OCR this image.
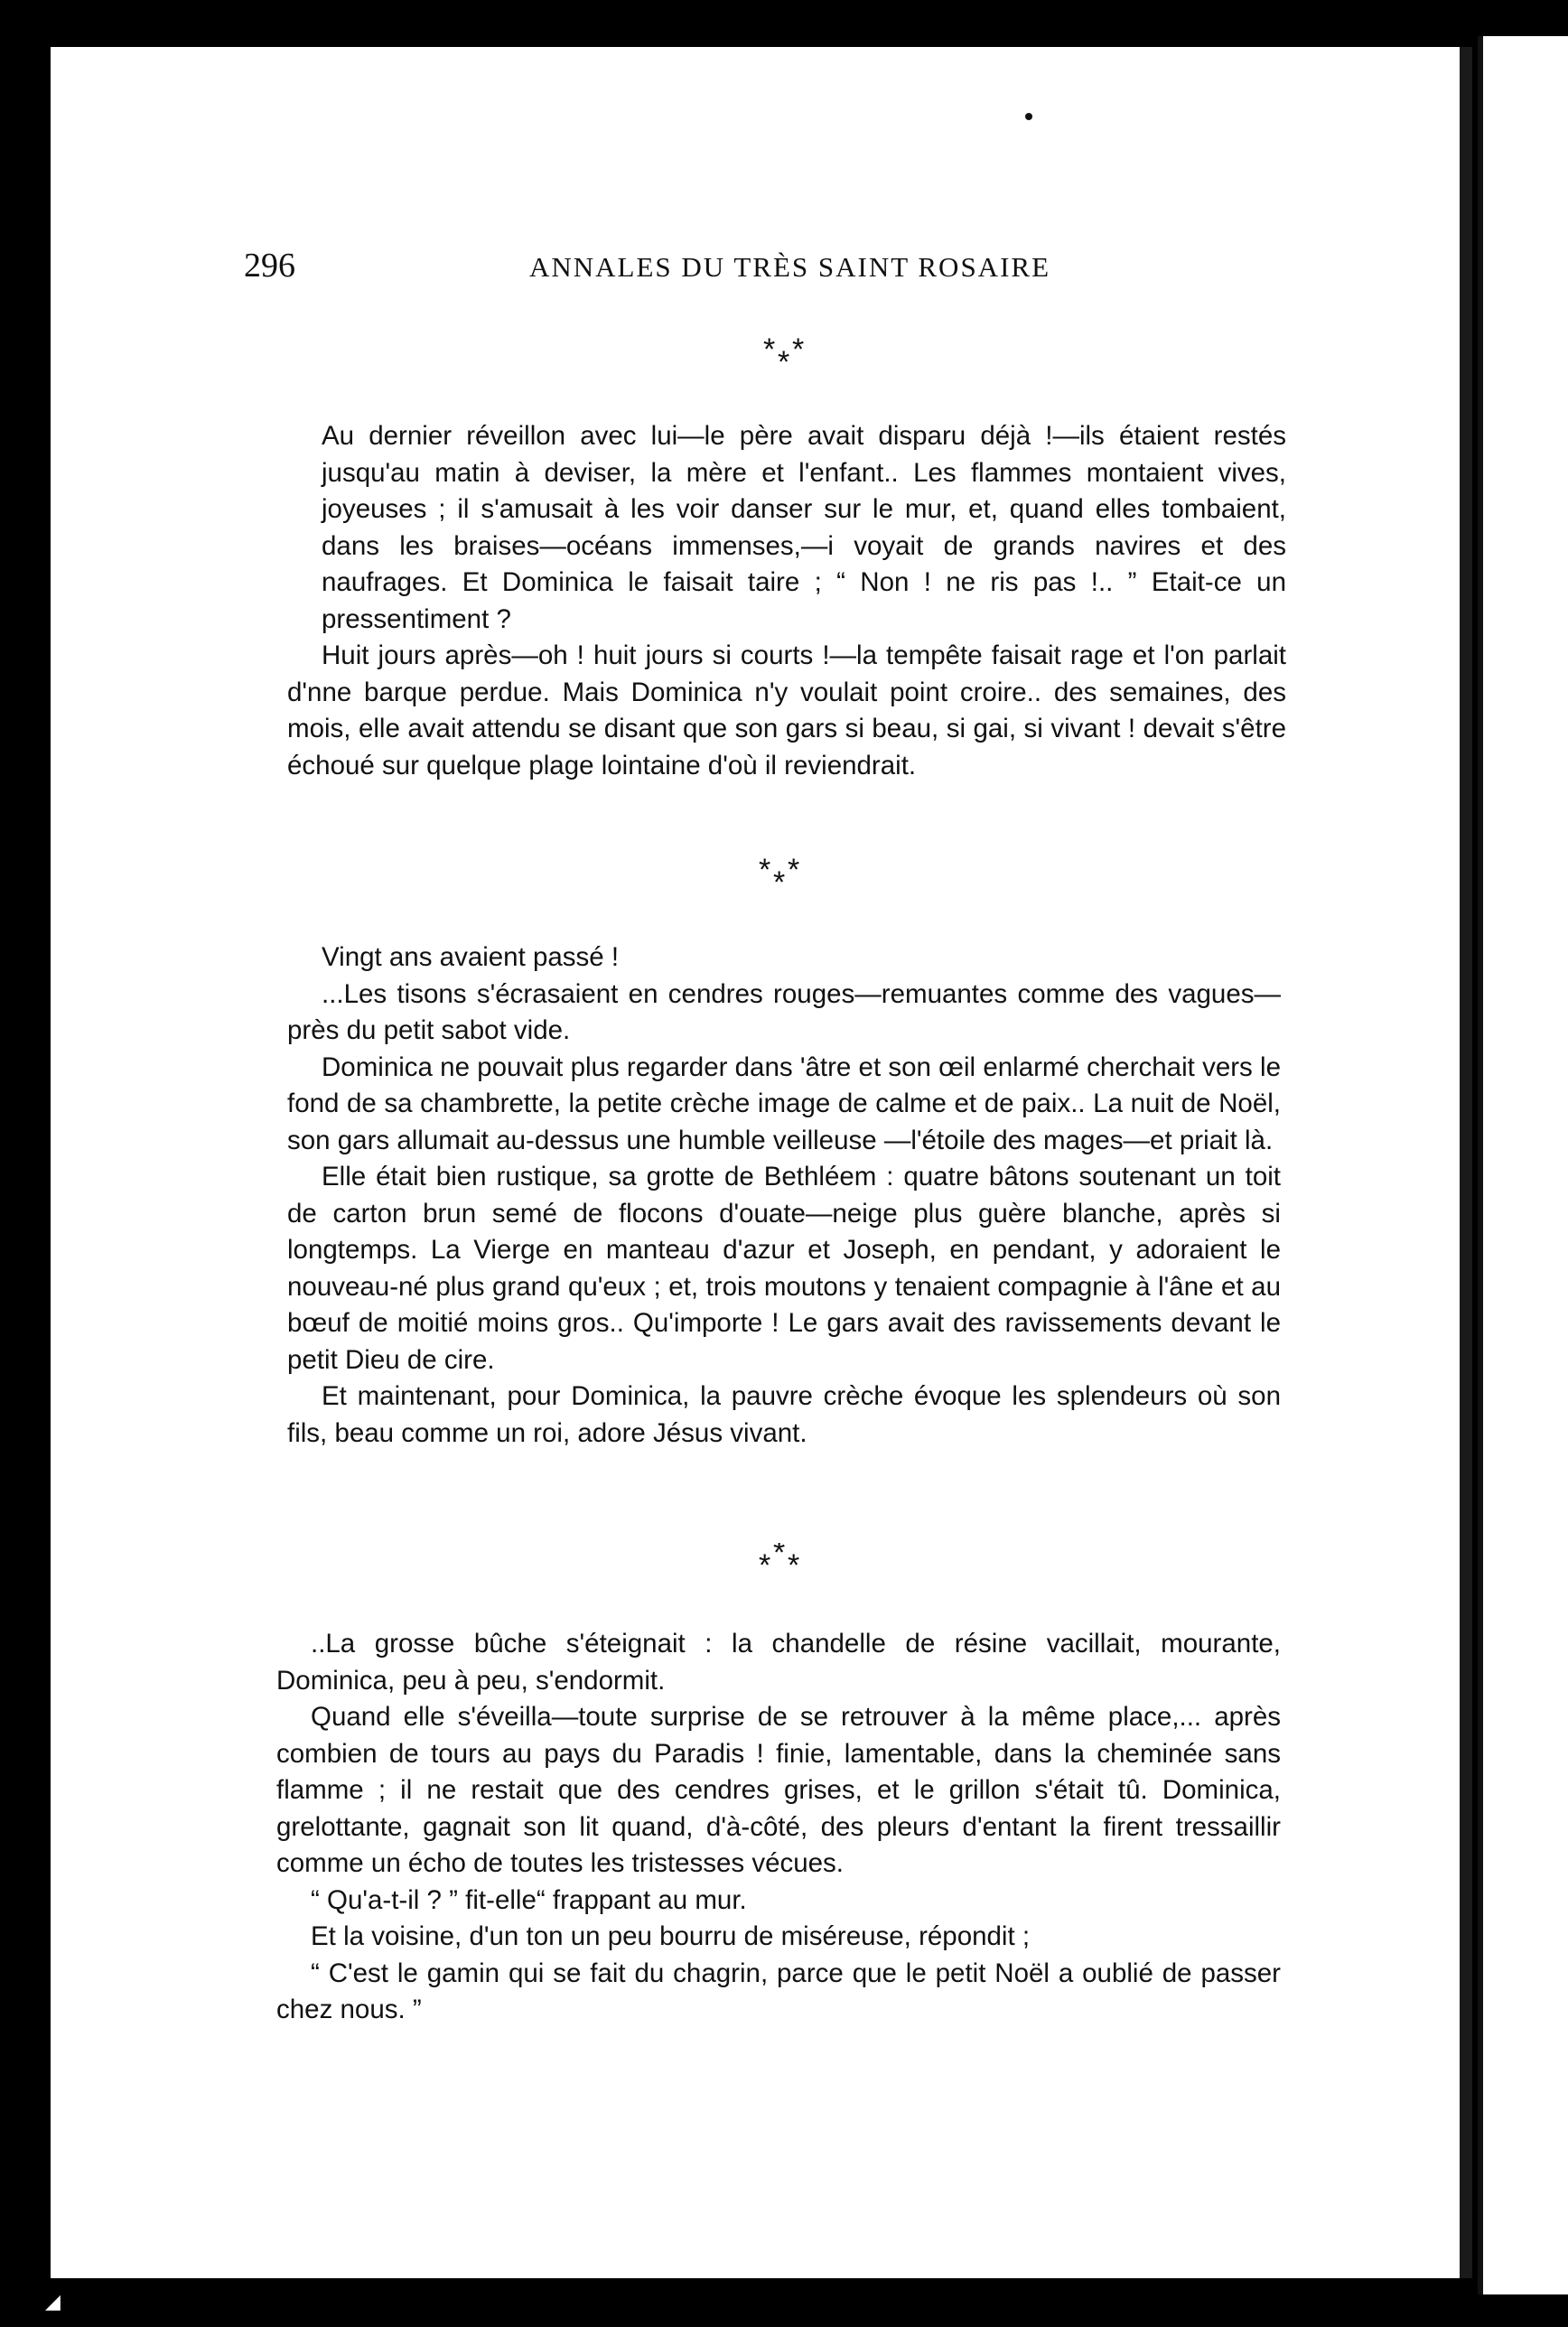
296	ANNALES DU TRÈS SAINT ROSAIRE
* * *

Au dernier réveillon avec lui—le père avait disparu déjà !—ils étaient restés jusqu'au matin à deviser, la mère et l'enfant.. Les flammes montaient vives, joyeuses ; il s'amusait à les voir danser sur le mur, et, quand elles tombaient, dans les braises—océans immenses,—i voyait de grands navires et des naufrages. Et Dominica le faisait taire ; “ Non ! ne ris pas !.. ” Etait-ce un pressentiment ?

Huit jours après—oh ! huit jours si courts !—la tempête faisait rage et l'on parlait d'nne barque perdue. Mais Dominica n'y voulait point croire.. des semaines, des mois, elle avait attendu se disant que son gars si beau, si gai, si vivant ! devait s'être échoué sur quelque plage lointaine d'où il reviendrait.

* * *

Vingt ans avaient passé !

...Les tisons s'écrasaient en cendres rouges—remuantes comme des vagues—près du petit sabot vide.

Dominica ne pouvait plus regarder dans 'âtre et son œil enlarmé cherchait vers le fond de sa chambrette, la petite crèche image de calme et de paix.. La nuit de Noël, son gars allumait au-dessus une humble veilleuse —l'étoile des mages—et priait là.

Elle était bien rustique, sa grotte de Bethléem : quatre bâtons soutenant un toit de carton brun semé de flocons d'ouate—neige plus guère blanche, après si longtemps. La Vierge en manteau d'azur et Joseph, en pendant, y adoraient le nouveau-né plus grand qu'eux ; et, trois moutons y tenaient compagnie à l'âne et au bœuf de moitié moins gros.. Qu'importe ! Le gars avait des ravissements devant le petit Dieu de cire.

Et maintenant, pour Dominica, la pauvre crèche évoque les splendeurs où son fils, beau comme un roi, adore Jésus vivant.

*
* *

..La grosse bûche s'éteignait : la chandelle de résine vacillait, mourante, Dominica, peu à peu, s'endormit.

Quand elle s'éveilla—toute surprise de se retrouver à la même place,... après combien de tours au pays du Paradis ! finie, lamentable, dans la cheminée sans flamme ; il ne restait que des cendres grises, et le grillon s'était tû. Dominica, grelottante, gagnait son lit quand, d'à-côté, des pleurs d'entant la firent tressaillir comme un écho de toutes les tristesses vécues.

“ Qu'a-t-il ? ” fit-elle“ frappant au mur.

Et la voisine, d'un ton un peu bourru de miséreuse, répondit ;

“ C'est le gamin qui se fait du chagrin, parce que le petit Noël a oublié de passer chez nous. ”

◢
